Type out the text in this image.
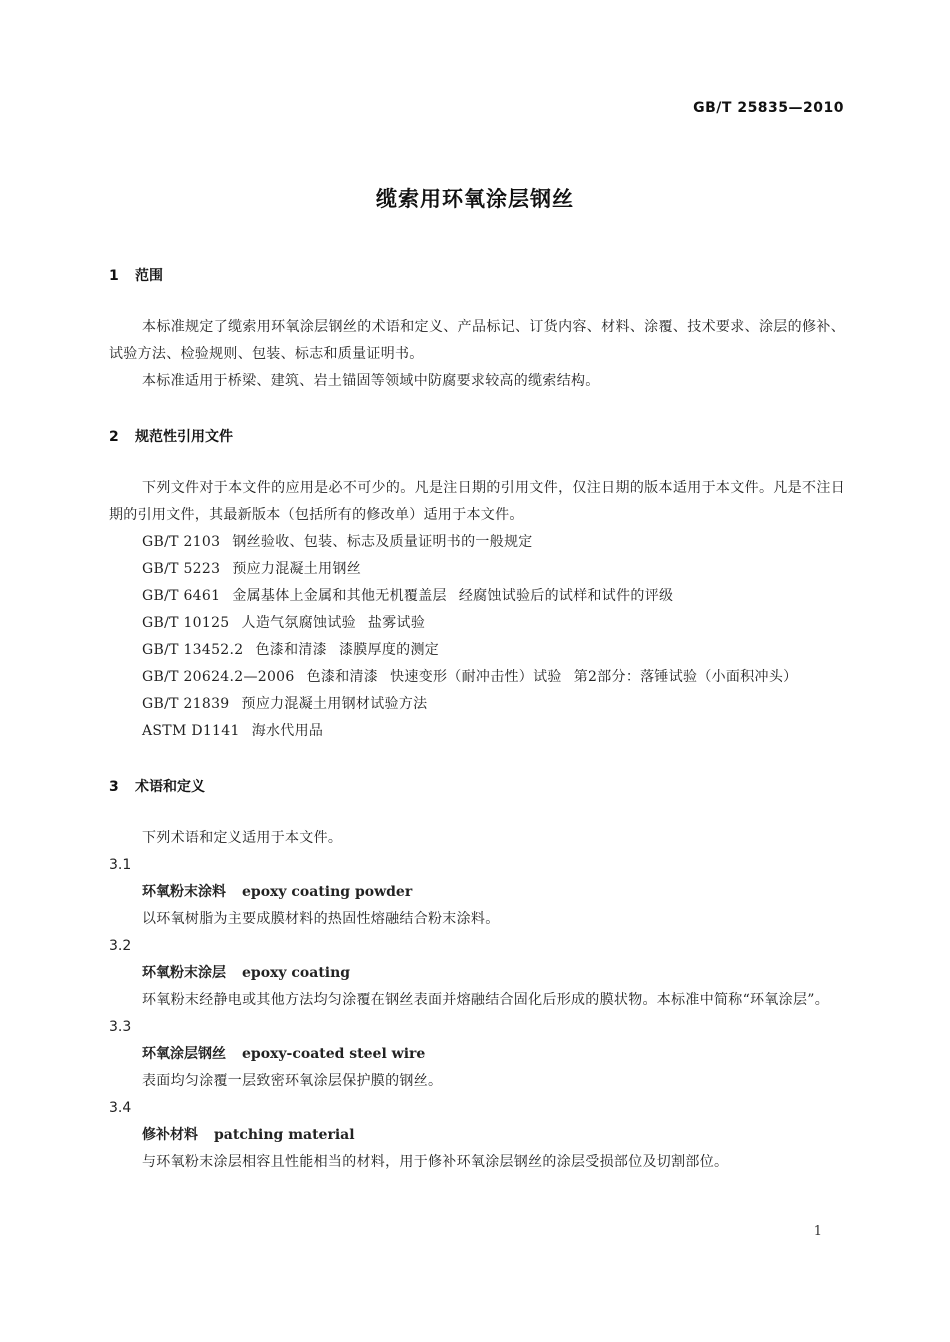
GB/T 25835—2010
缆索用环氧涂层钢丝
1 范围
本标准规定了缆索用环氧涂层钢丝的术语和定义、产品标记、订货内容、材料、涂覆、技术要求、涂层的修补、试验方法、检验规则、包装、标志和质量证明书。
本标准适用于桥梁、建筑、岩土锚固等领域中防腐要求较高的缆索结构。
2 规范性引用文件
下列文件对于本文件的应用是必不可少的。凡是注日期的引用文件，仅注日期的版本适用于本文件。凡是不注日期的引用文件，其最新版本（包括所有的修改单）适用于本文件。
GB/T 2103 钢丝验收、包装、标志及质量证明书的一般规定
GB/T 5223 预应力混凝土用钢丝
GB/T 6461 金属基体上金属和其他无机覆盖层 经腐蚀试验后的试样和试件的评级
GB/T 10125 人造气氛腐蚀试验 盐雾试验
GB/T 13452.2 色漆和清漆 漆膜厚度的测定
GB/T 20624.2—2006 色漆和清漆 快速变形（耐冲击性）试验 第2部分：落锤试验（小面积冲头）
GB/T 21839 预应力混凝土用钢材试验方法
ASTM D1141 海水代用品
3 术语和定义
下列术语和定义适用于本文件。
3.1
环氧粉末涂料 epoxy coating powder
以环氧树脂为主要成膜材料的热固性熔融结合粉末涂料。
3.2
环氧粉末涂层 epoxy coating
环氧粉末经静电或其他方法均匀涂覆在钢丝表面并熔融结合固化后形成的膜状物。本标准中简称“环氧涂层”。
3.3
环氧涂层钢丝 epoxy-coated steel wire
表面均匀涂覆一层致密环氧涂层保护膜的钢丝。
3.4
修补材料 patching material
与环氧粉末涂层相容且性能相当的材料，用于修补环氧涂层钢丝的涂层受损部位及切割部位。
1
